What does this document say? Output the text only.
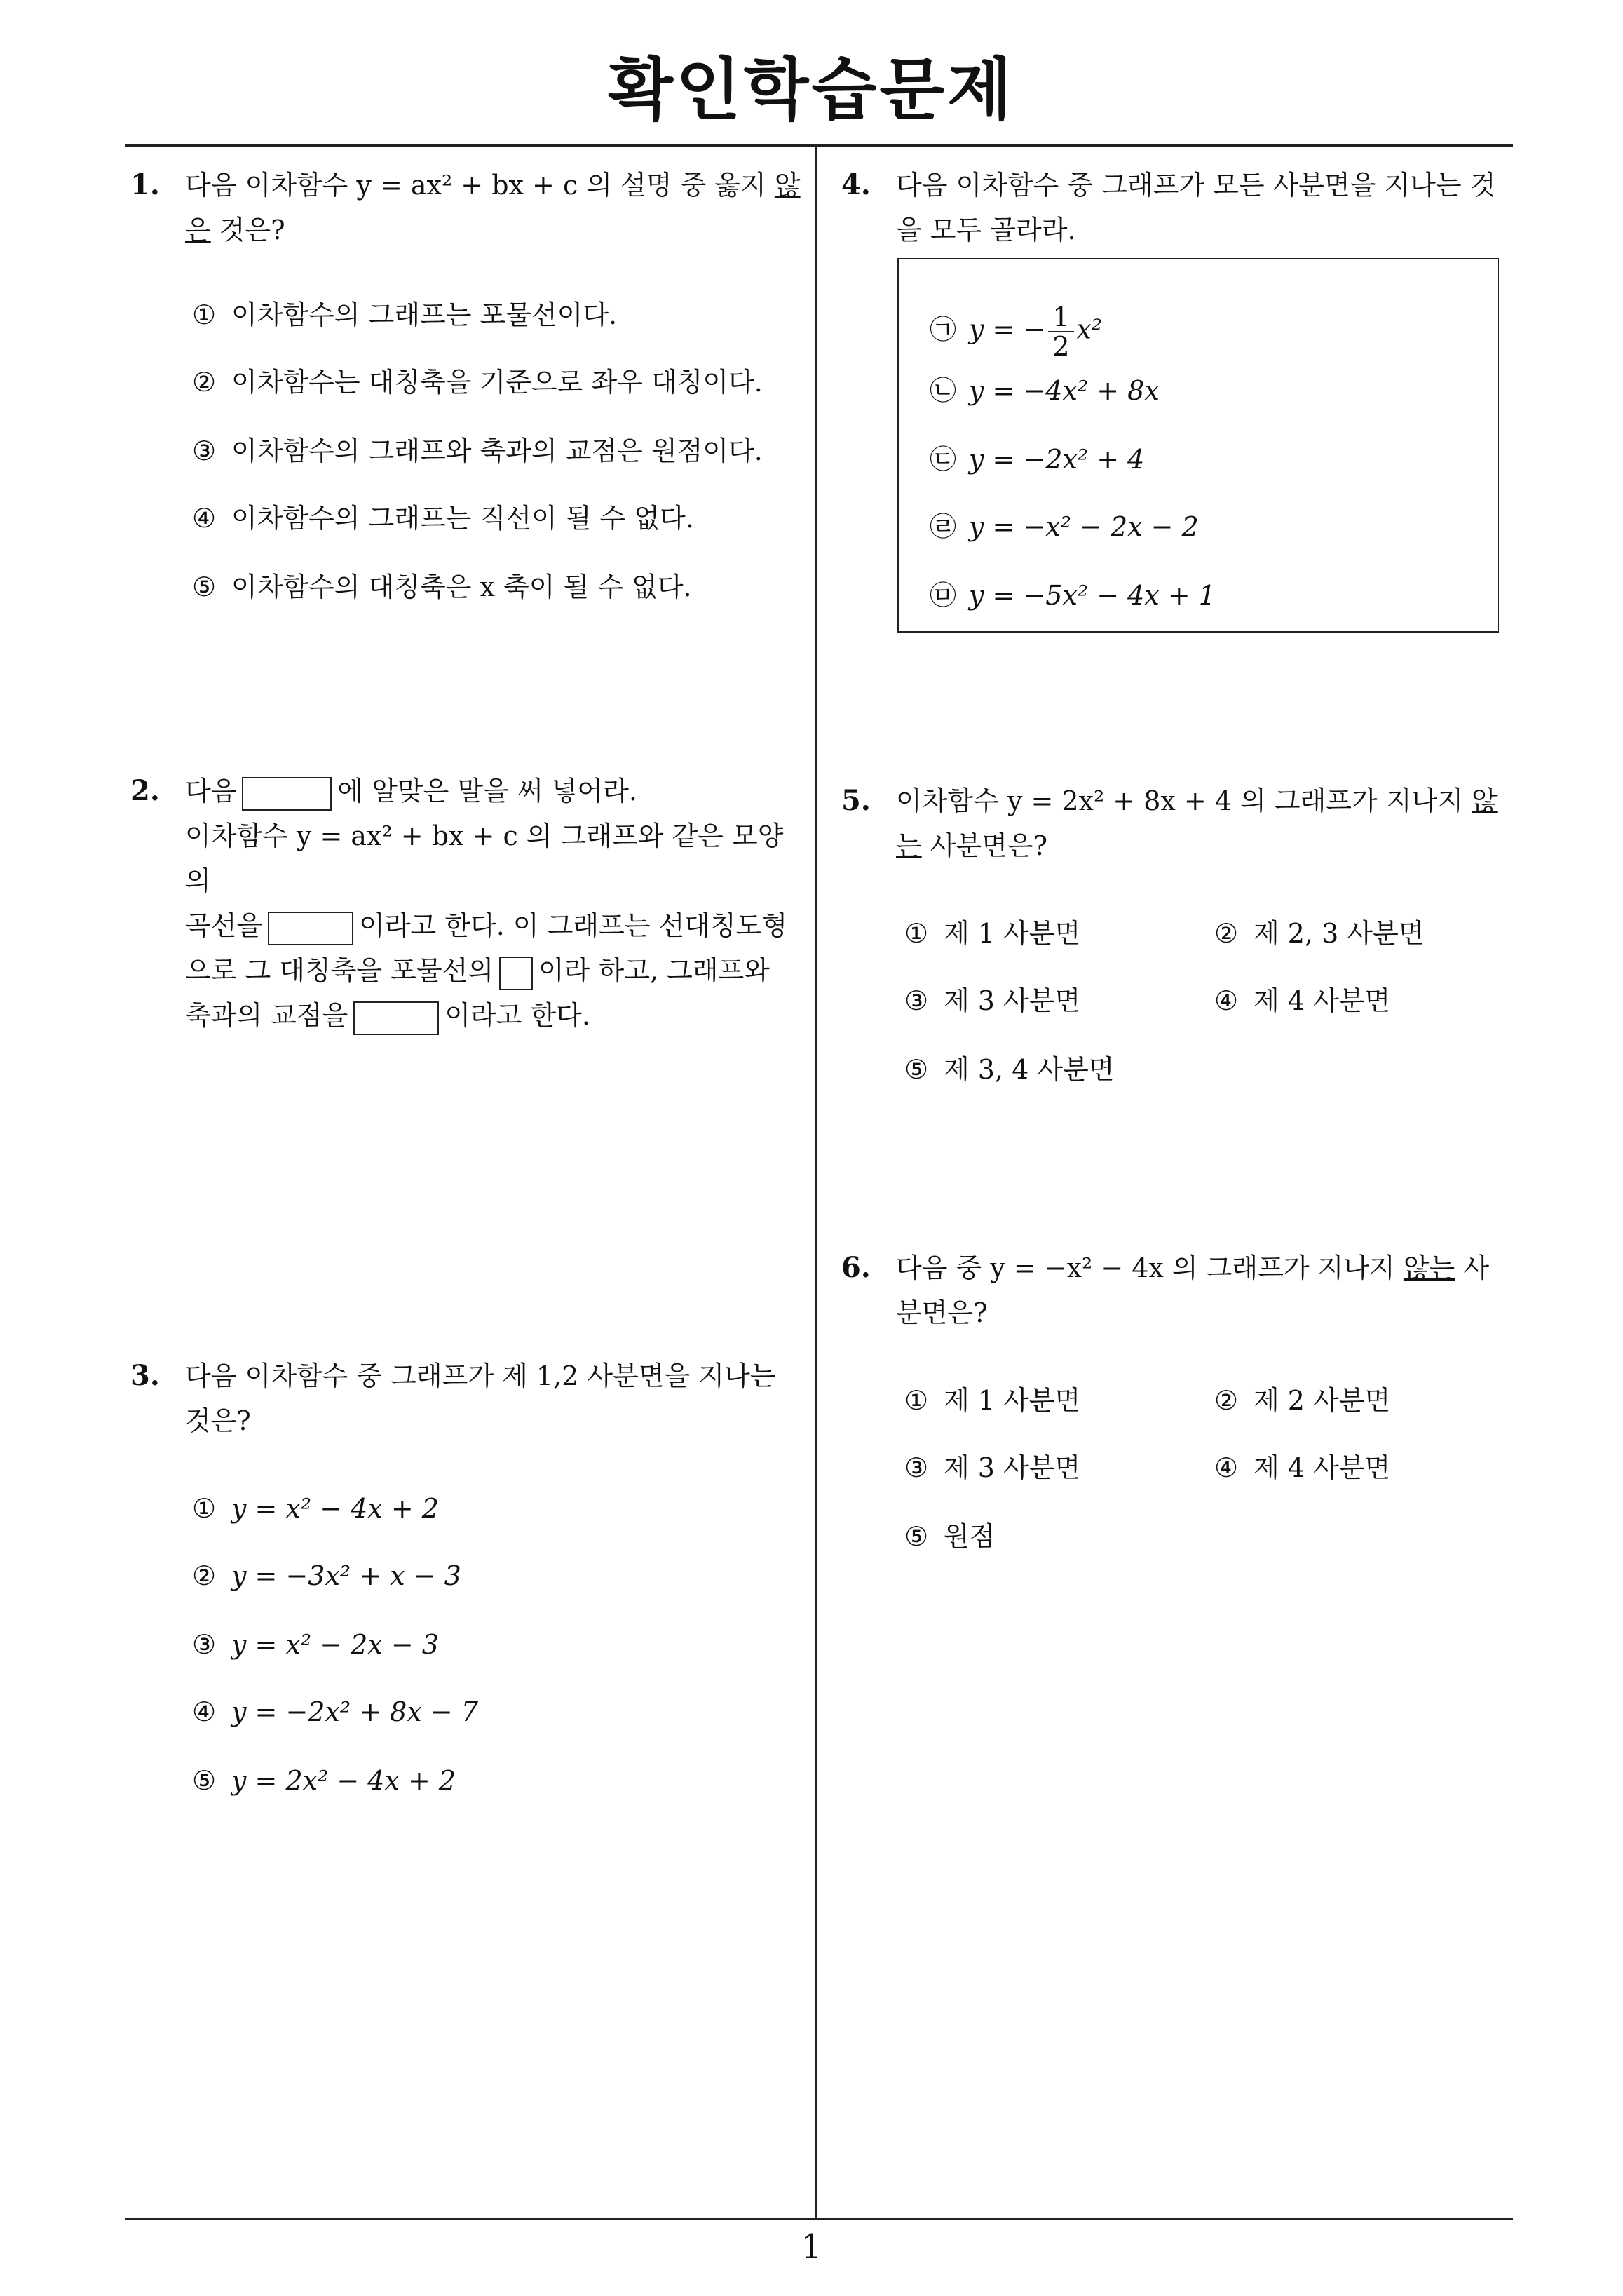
확인학습문제
1
1. 다음 이차함수 y = ax² + bx + c 의 설명 중 옳지 않은 것은?
① 이차함수의 그래프는 포물선이다.
② 이차함수는 대칭축을 기준으로 좌우 대칭이다.
③ 이차함수의 그래프와 축과의 교점은 원점이다.
④ 이차함수의 그래프는 직선이 될 수 없다.
⑤ 이차함수의 대칭축은 x 축이 될 수 없다.
2. 다음	에 알맞은 말을 써 넣어라.
이차함수 y = ax² + bx + c 의 그래프와 같은 모양의
곡선을	이라고 한다. 이 그래프는 선대칭도형
으로 그 대칭축을 포물선의 이라 하고, 그래프와
축과의 교점을	이라고 한다.
3. 다음 이차함수 중 그래프가 제 1,2 사분면을 지나는 것은?
① y = x² − 4x + 2
② y = −3x² + x − 3
③ y = x² − 2x − 3
④ y = −2x² + 8x − 7
⑤ y = 2x² − 4x + 2
4. 다음 이차함수 중 그래프가 모든 사분면을 지나는 것을 모두 골라라.
㉠ y = − $\frac{1}{2} x^2$
㉡ y = −4x² + 8x
㉢ y = −2x² + 4
㉣ y = −x² − 2x − 2
㉤ y = −5x² − 4x + 1
5. 이차함수 y = 2x² + 8x + 4 의 그래프가 지나지 않는 사분면은?
① 제 1 사분면	② 제 2, 3 사분면
③ 제 3 사분면	④ 제 4 사분면
⑤ 제 3, 4 사분면
6. 다음 중 y = −x² − 4x 의 그래프가 지나지 않는 사분면은?
① 제 1 사분면	② 제 2 사분면
③ 제 3 사분면	④ 제 4 사분면
⑤ 원점
